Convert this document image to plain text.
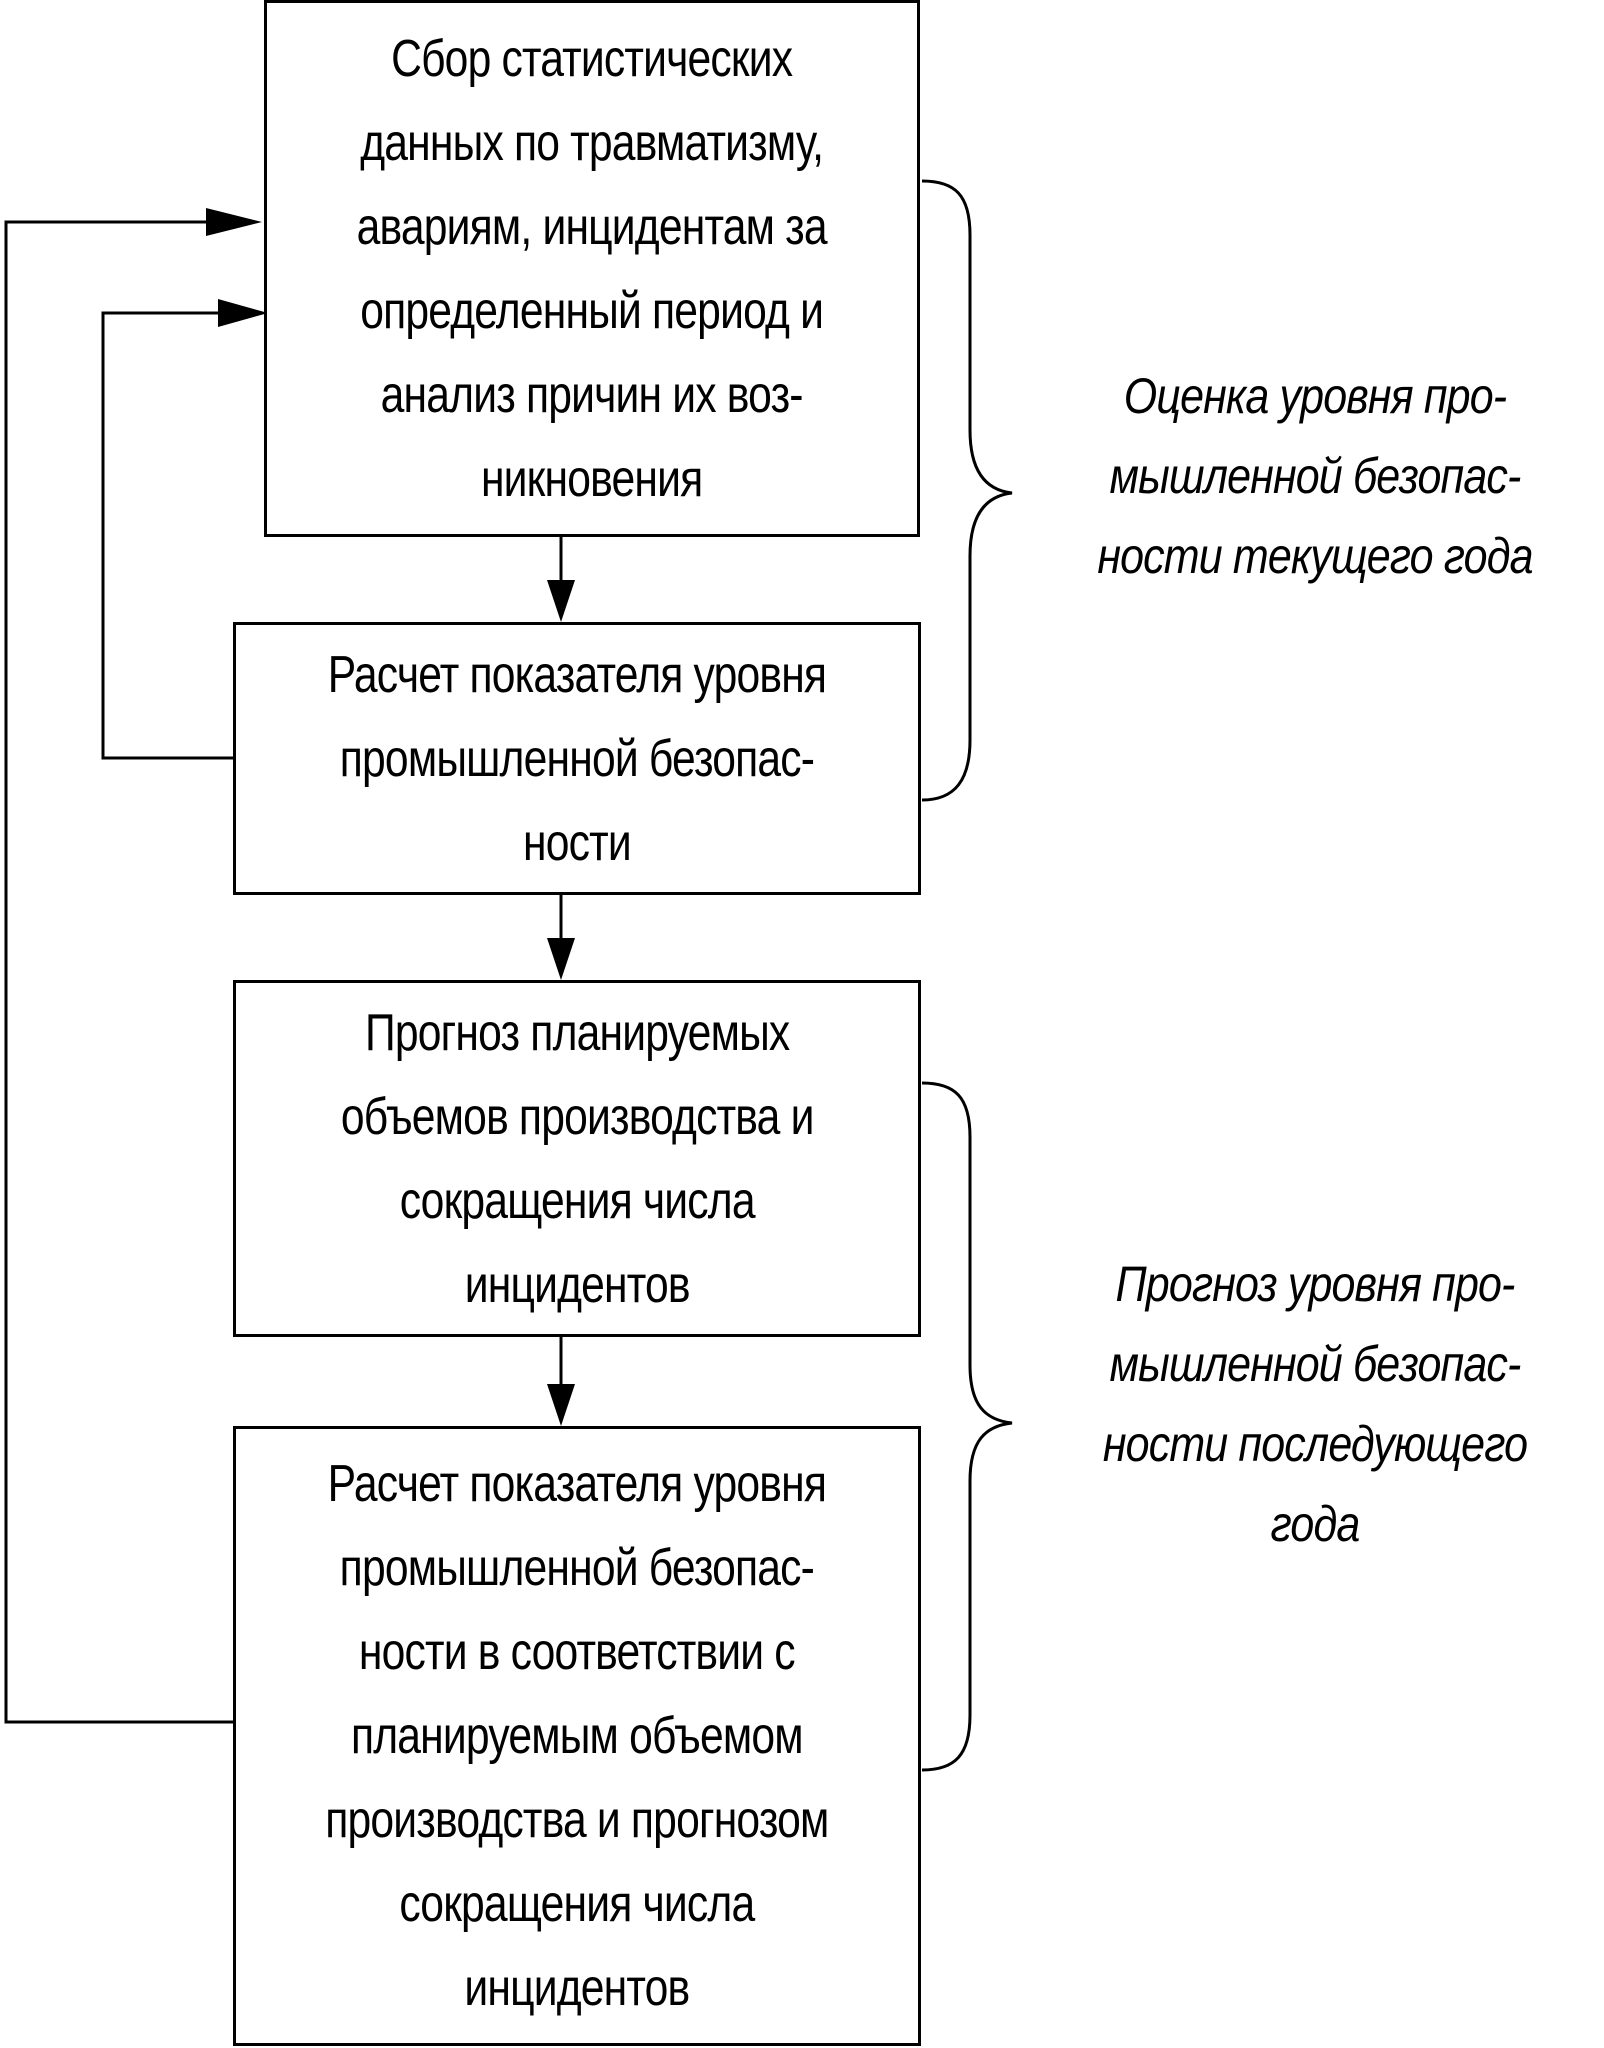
Сбор статистических
данных по травматизму,
авариям, инцидентам за
определенный период и
анализ причин их воз-
никновения
Расчет показателя уровня
промышленной безопас-
ности
Прогноз планируемых
объемов производства и
сокращения числа
инцидентов
Расчет показателя уровня
промышленной безопас-
ности в соответствии с
планируемым объемом
производства и прогнозом
сокращения числа
инцидентов
Оценка уровня про-
мышленной безопас-
ности текущего года
Прогноз уровня про-
мышленной безопас-
ности последующего
года
